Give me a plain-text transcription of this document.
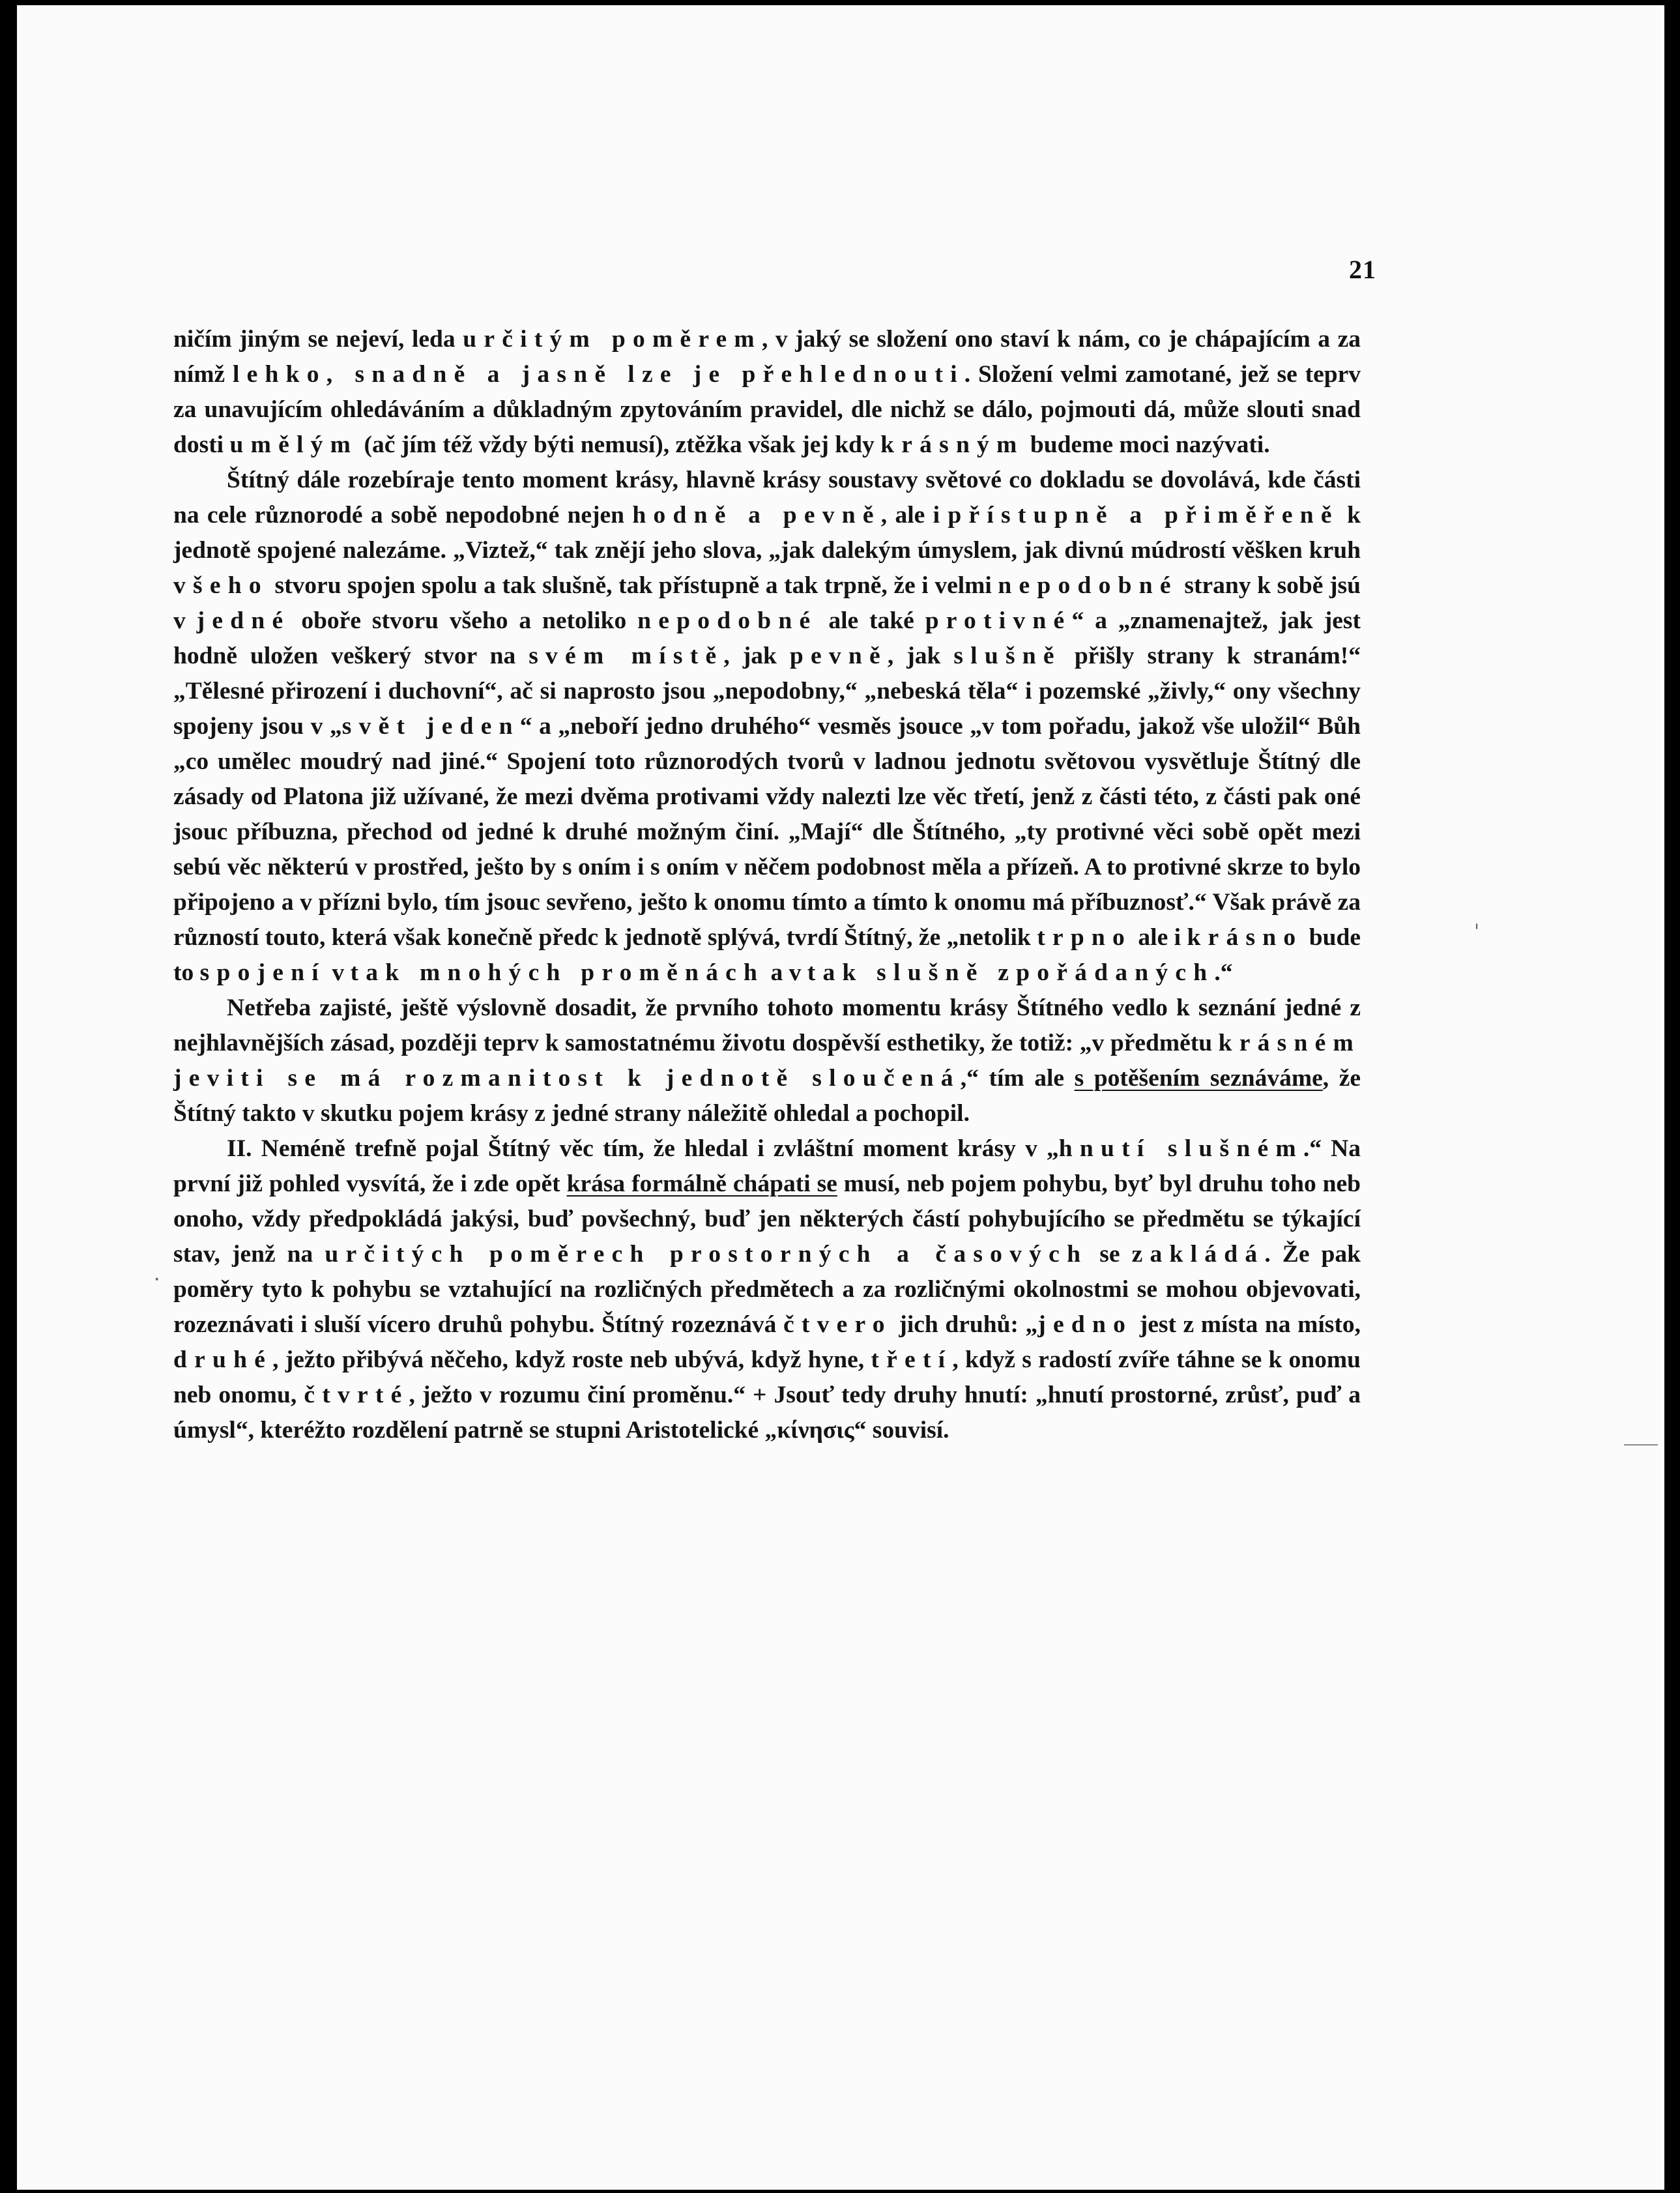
21

ničím jiným se nejeví, leda určitým poměrem, v jaký se složení ono staví k nám, co je chápajícím a za nímž lehko, snadně a jasně lze je přehlednouti. Složení velmi zamotané, jež se teprv za unavujícím ohledáváním a důkladným zpytováním pravidel, dle nichž se dálo, pojmouti dá, může slouti snad dosti umělým (ač jím též vždy býti nemusí), ztěžka však jej kdy krásným budeme moci nazývati.

Štítný dále rozebíraje tento moment krásy, hlavně krásy soustavy světové co dokladu se dovolává, kde části na cele různorodé a sobě nepodobné nejen hodně a pevně, ale i přístupně a přiměřeně k jednotě spojené nalezáme. „Viztež,“ tak znějí jeho slova, „jak dalekým úmyslem, jak divnú múdrostí věšken kruh všeho stvoru spojen spolu a tak slušně, tak přístupně a tak trpně, že i velmi nepodobné strany k sobě jsú v jedné oboře stvoru všeho a netoliko nepodobné ale také protivné“ a „znamenajtež, jak jest hodně uložen veškerý stvor na svém místě, jak pevně, jak slušně přišly strany k stranám!“ „Tělesné přirození i duchovní“, ač si naprosto jsou „nepodobny,“ „nebeská těla“ i pozemské „živly,“ ony všechny spojeny jsou v „svět jeden“ a „neboří jedno druhého“ vesměs jsouce „v tom pořadu, jakož vše uložil“ Bůh „co umělec moudrý nad jiné.“ Spojení toto různorodých tvorů v ladnou jednotu světovou vysvětluje Štítný dle zásady od Platona již užívané, že mezi dvěma protivami vždy nalezti lze věc třetí, jenž z části této, z části pak oné jsouc příbuzna, přechod od jedné k druhé možným činí. „Mají“ dle Štítného, „ty protivné věci sobě opět mezi sebú věc některú v prostřed, ješto by s oním i s oním v něčem podobnost měla a přízeň. A to protivné skrze to bylo připojeno a v přízni bylo, tím jsouc sevřeno, ješto k onomu tímto a tímto k onomu má příbuznosť.“ Však právě za růzností touto, která však konečně předc k jednotě splývá, tvrdí Štítný, že „netolik trpno ale i krásno bude to spojení v tak mnohých proměnách a v tak slušně zpořádaných.“

Netřeba zajisté, ještě výslovně dosadit, že prvního tohoto momentu krásy Štítného vedlo k seznání jedné z nejhlavnějších zásad, později teprv k samostatnému životu dospěvší esthetiky, že totiž: „v předmětu krásném jeviti se má rozmanitost k jednotě sloučená,“ tím ale s potěšením seznáváme, že Štítný takto v skutku pojem krásy z jedné strany náležitě ohledal a pochopil.

II. Neméně trefně pojal Štítný věc tím, že hledal i zvláštní moment krásy v „hnutí slušném.“ Na první již pohled vysvítá, že i zde opět krása formálně chápati se musí, neb pojem pohybu, byť byl druhu toho neb onoho, vždy předpokládá jakýsi, buď povšechný, buď jen některých částí pohybujícího se předmětu se týkající stav, jenž na určitých poměrech prostorných a časových se zakládá. Že pak poměry tyto k pohybu se vztahující na rozličných předmětech a za rozličnými okolnostmi se mohou objevovati, rozeznávati i sluší vícero druhů pohybu. Štítný rozeznává čtvero jich druhů: „jedno jest z místa na místo, druhé, ježto přibývá něčeho, když roste neb ubývá, když hyne, třetí, když s radostí zvíře táhne se k onomu neb onomu, čtvrté, ježto v rozumu činí proměnu.“ + Jsouť tedy druhy hnutí: „hnutí prostorné, zrůsť, puď a úmysl“, kteréžto rozdělení patrně se stupni Aristotelické „κίνησις“ souvisí.

ˌ
·
